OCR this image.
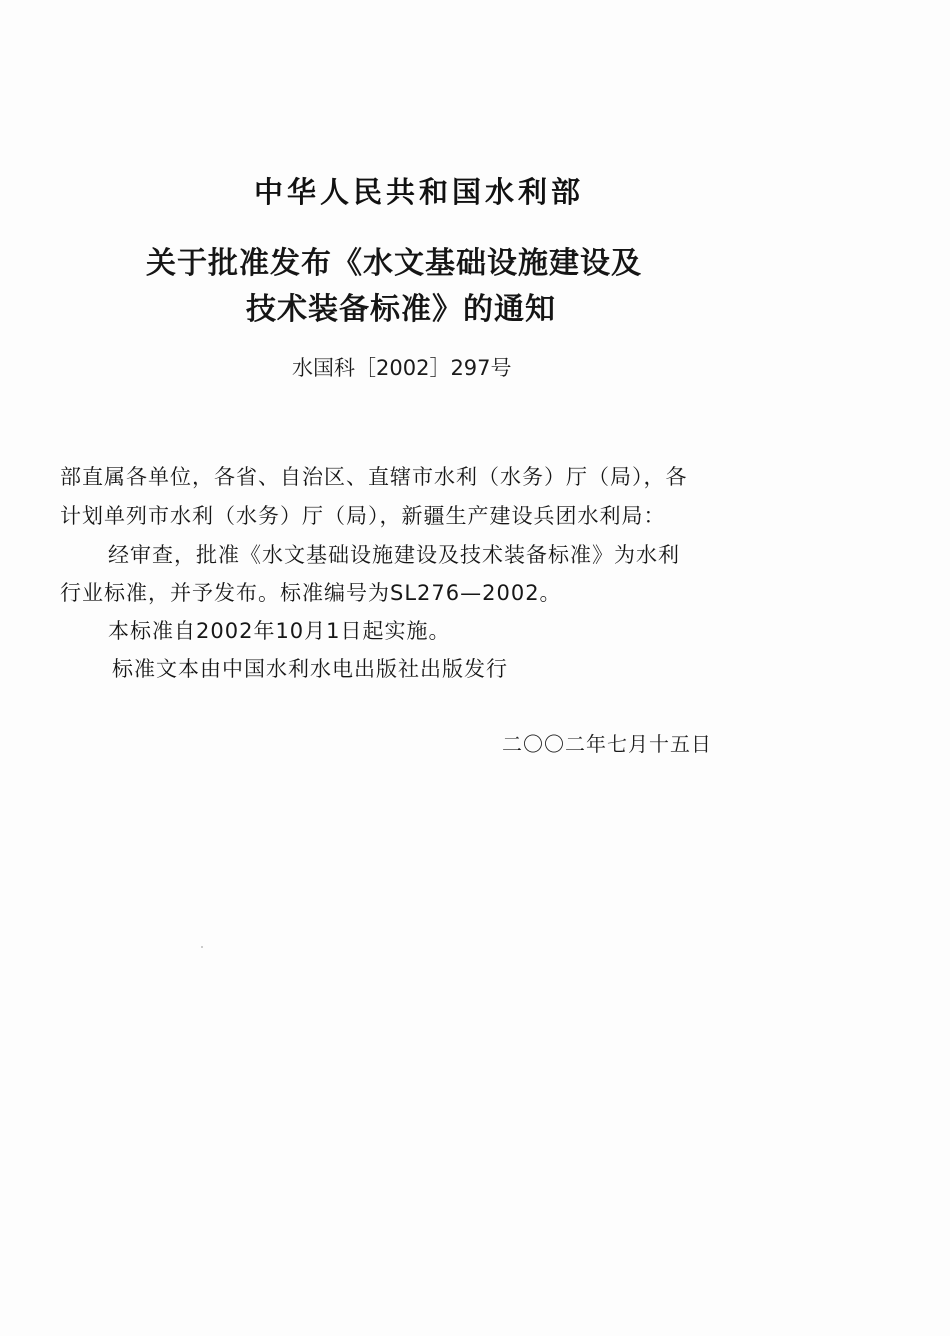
中华人民共和国水利部
关于批准发布《水文基础设施建设及
技术装备标准》的通知
水国科［2002］297号
部直属各单位，各省、自治区、直辖市水利（水务）厅（局），各
计划单列市水利（水务）厅（局），新疆生产建设兵团水利局：
经审查，批准《水文基础设施建设及技术装备标准》为水利
行业标准，并予发布。标准编号为SL276—2002。
本标准自2002年10月1日起实施。
标准文本由中国水利水电出版社出版发行
二〇〇二年七月十五日
